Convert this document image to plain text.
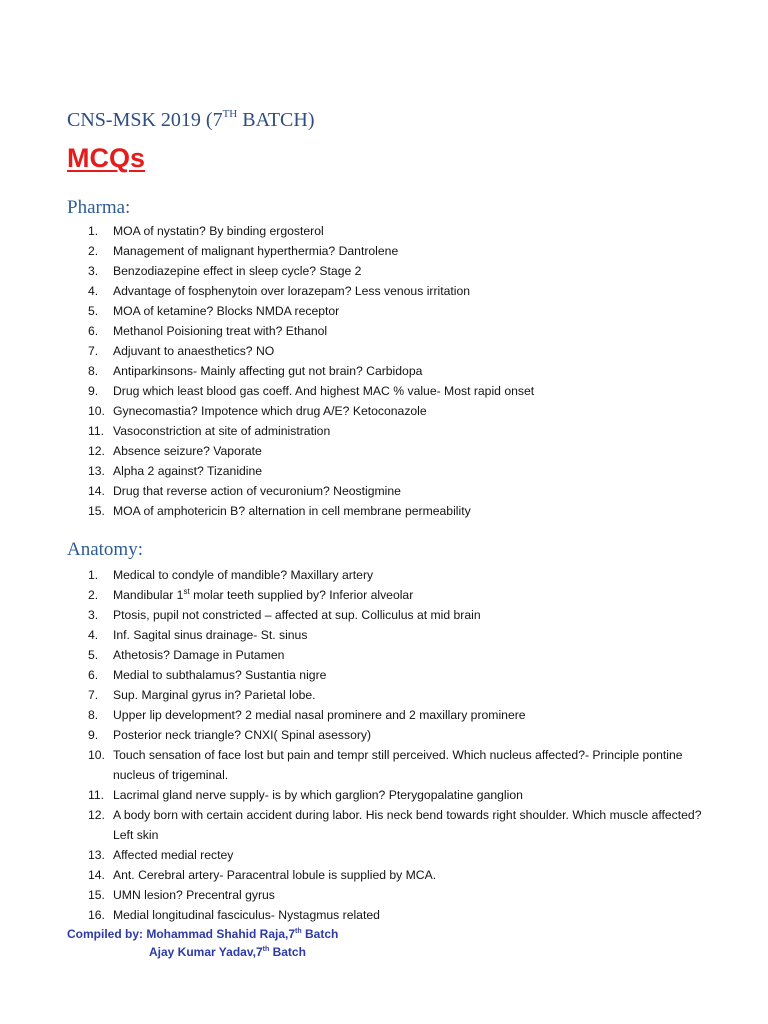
CNS-MSK 2019 (7TH BATCH)
MCQs
Pharma:
1.	MOA of nystatin? By binding ergosterol
2.	Management of malignant hyperthermia? Dantrolene
3.	Benzodiazepine effect in sleep cycle? Stage 2
4.	Advantage of fosphenytoin over lorazepam? Less venous irritation
5.	MOA of ketamine? Blocks NMDA receptor
6.	Methanol Poisioning treat with? Ethanol
7.	Adjuvant to anaesthetics? NO
8.	Antiparkinsons- Mainly affecting gut not brain? Carbidopa
9.	Drug which least blood gas coeff. And highest MAC % value- Most rapid onset
10. Gynecomastia? Impotence which drug A/E? Ketoconazole
11. Vasoconstriction at site of administration
12. Absence seizure? Vaporate
13. Alpha 2 against? Tizanidine
14. Drug that reverse action of vecuronium? Neostigmine
15. MOA of amphotericin B? alternation in cell membrane permeability
Anatomy:
1.	Medical to condyle of mandible? Maxillary artery
2.	Mandibular 1st molar teeth supplied by? Inferior alveolar
3.	Ptosis, pupil not constricted – affected at sup. Colliculus at mid brain
4.	Inf. Sagital sinus drainage- St. sinus
5.	Athetosis? Damage in Putamen
6.	Medial to subthalamus? Sustantia nigre
7.	Sup. Marginal gyrus in? Parietal lobe.
8.	Upper lip development? 2 medial nasal prominere and 2 maxillary prominere
9.	Posterior neck triangle? CNXI( Spinal asessory)
10. Touch sensation of face lost but pain and tempr still perceived. Which nucleus affected?- Principle pontine nucleus of trigeminal.
11. Lacrimal gland nerve supply- is by which garglion? Pterygopalatine ganglion
12. A body born with certain accident during labor. His neck bend towards right shoulder. Which muscle affected? Left skin
13. Affected medial rectey
14. Ant. Cerebral artery- Paracentral lobule is supplied by MCA.
15. UMN lesion? Precentral gyrus
16. Medial longitudinal fasciculus- Nystagmus related
Compiled by: Mohammad Shahid Raja,7th Batch
Ajay Kumar Yadav,7th Batch
